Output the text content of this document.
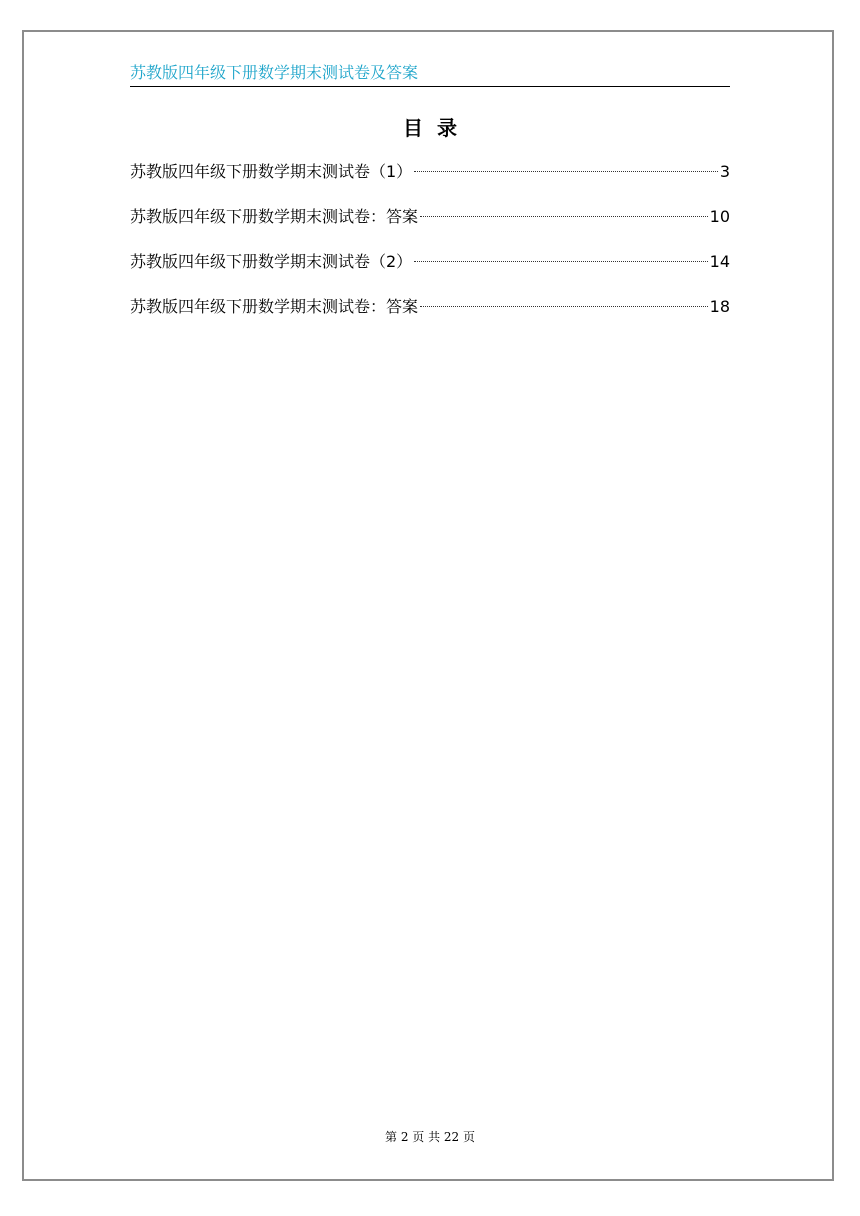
苏教版四年级下册数学期末测试卷及答案
目录
苏教版四年级下册数学期末测试卷（1）	3
苏教版四年级下册数学期末测试卷：答案	10
苏教版四年级下册数学期末测试卷（2）	14
苏教版四年级下册数学期末测试卷：答案	18
第 2 页 共 22 页
